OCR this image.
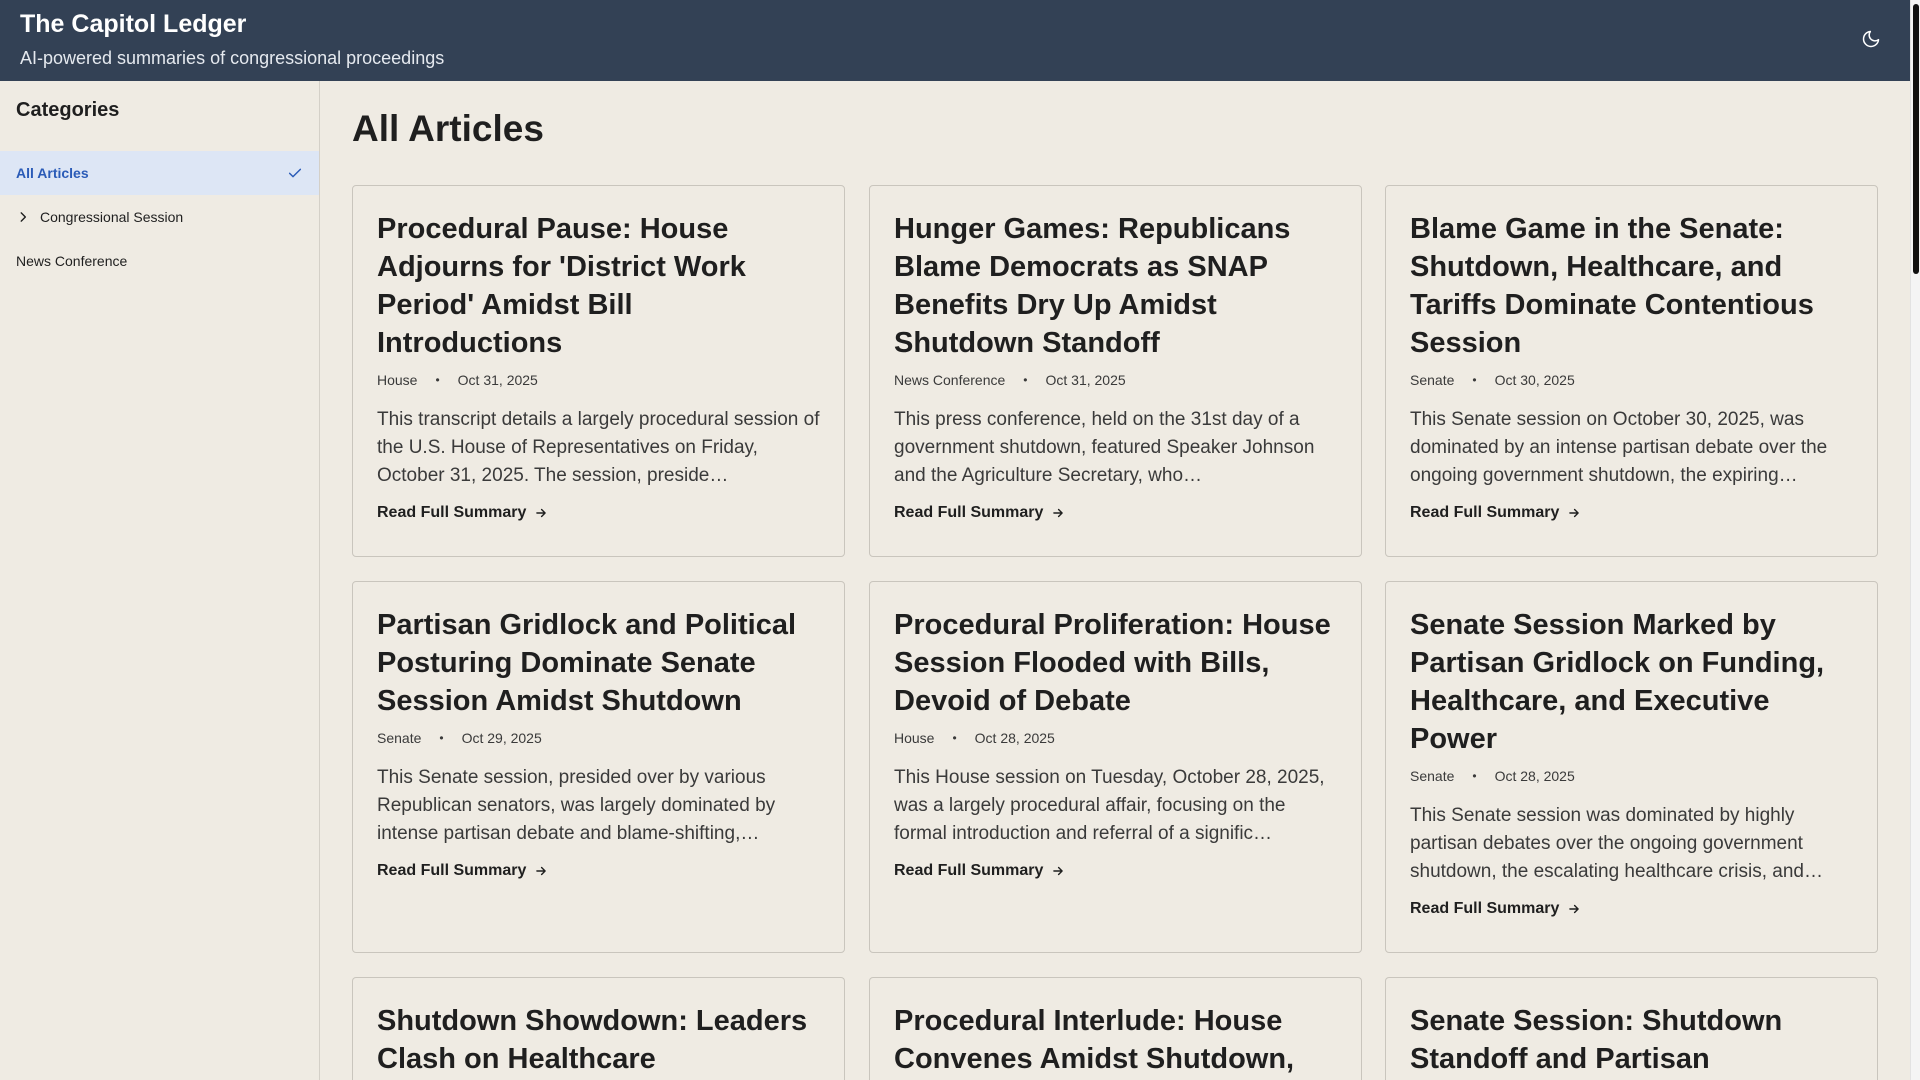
The Capitol Ledger
AI-powered summaries of congressional proceedings
Categories
All Articles
Congressional Session
News Conference
All Articles
Procedural Pause: House Adjourns for 'District Work Period' Amidst Bill Introductions
House • Oct 31, 2025
This transcript details a largely procedural session of the U.S. House of Representatives on Friday, October 31, 2025. The session, preside…
Read Full Summary
Hunger Games: Republicans Blame Democrats as SNAP Benefits Dry Up Amidst Shutdown Standoff
News Conference • Oct 31, 2025
This press conference, held on the 31st day of a government shutdown, featured Speaker Johnson and the Agriculture Secretary, who…
Read Full Summary
Blame Game in the Senate: Shutdown, Healthcare, and Tariffs Dominate Contentious Session
Senate • Oct 30, 2025
This Senate session on October 30, 2025, was dominated by an intense partisan debate over the ongoing government shutdown, the expiring…
Read Full Summary
Partisan Gridlock and Political Posturing Dominate Senate Session Amidst Shutdown
Senate • Oct 29, 2025
This Senate session, presided over by various Republican senators, was largely dominated by intense partisan debate and blame-shifting,…
Read Full Summary
Procedural Proliferation: House Session Flooded with Bills, Devoid of Debate
House • Oct 28, 2025
This House session on Tuesday, October 28, 2025, was a largely procedural affair, focusing on the formal introduction and referral of a signific…
Read Full Summary
Senate Session Marked by Partisan Gridlock on Funding, Healthcare, and Executive Power
Senate • Oct 28, 2025
This Senate session was dominated by highly partisan debates over the ongoing government shutdown, the escalating healthcare crisis, and…
Read Full Summary
Shutdown Showdown: Leaders Clash on Healthcare
Procedural Interlude: House Convenes Amidst Shutdown,
Senate Session: Shutdown Standoff and Partisan
